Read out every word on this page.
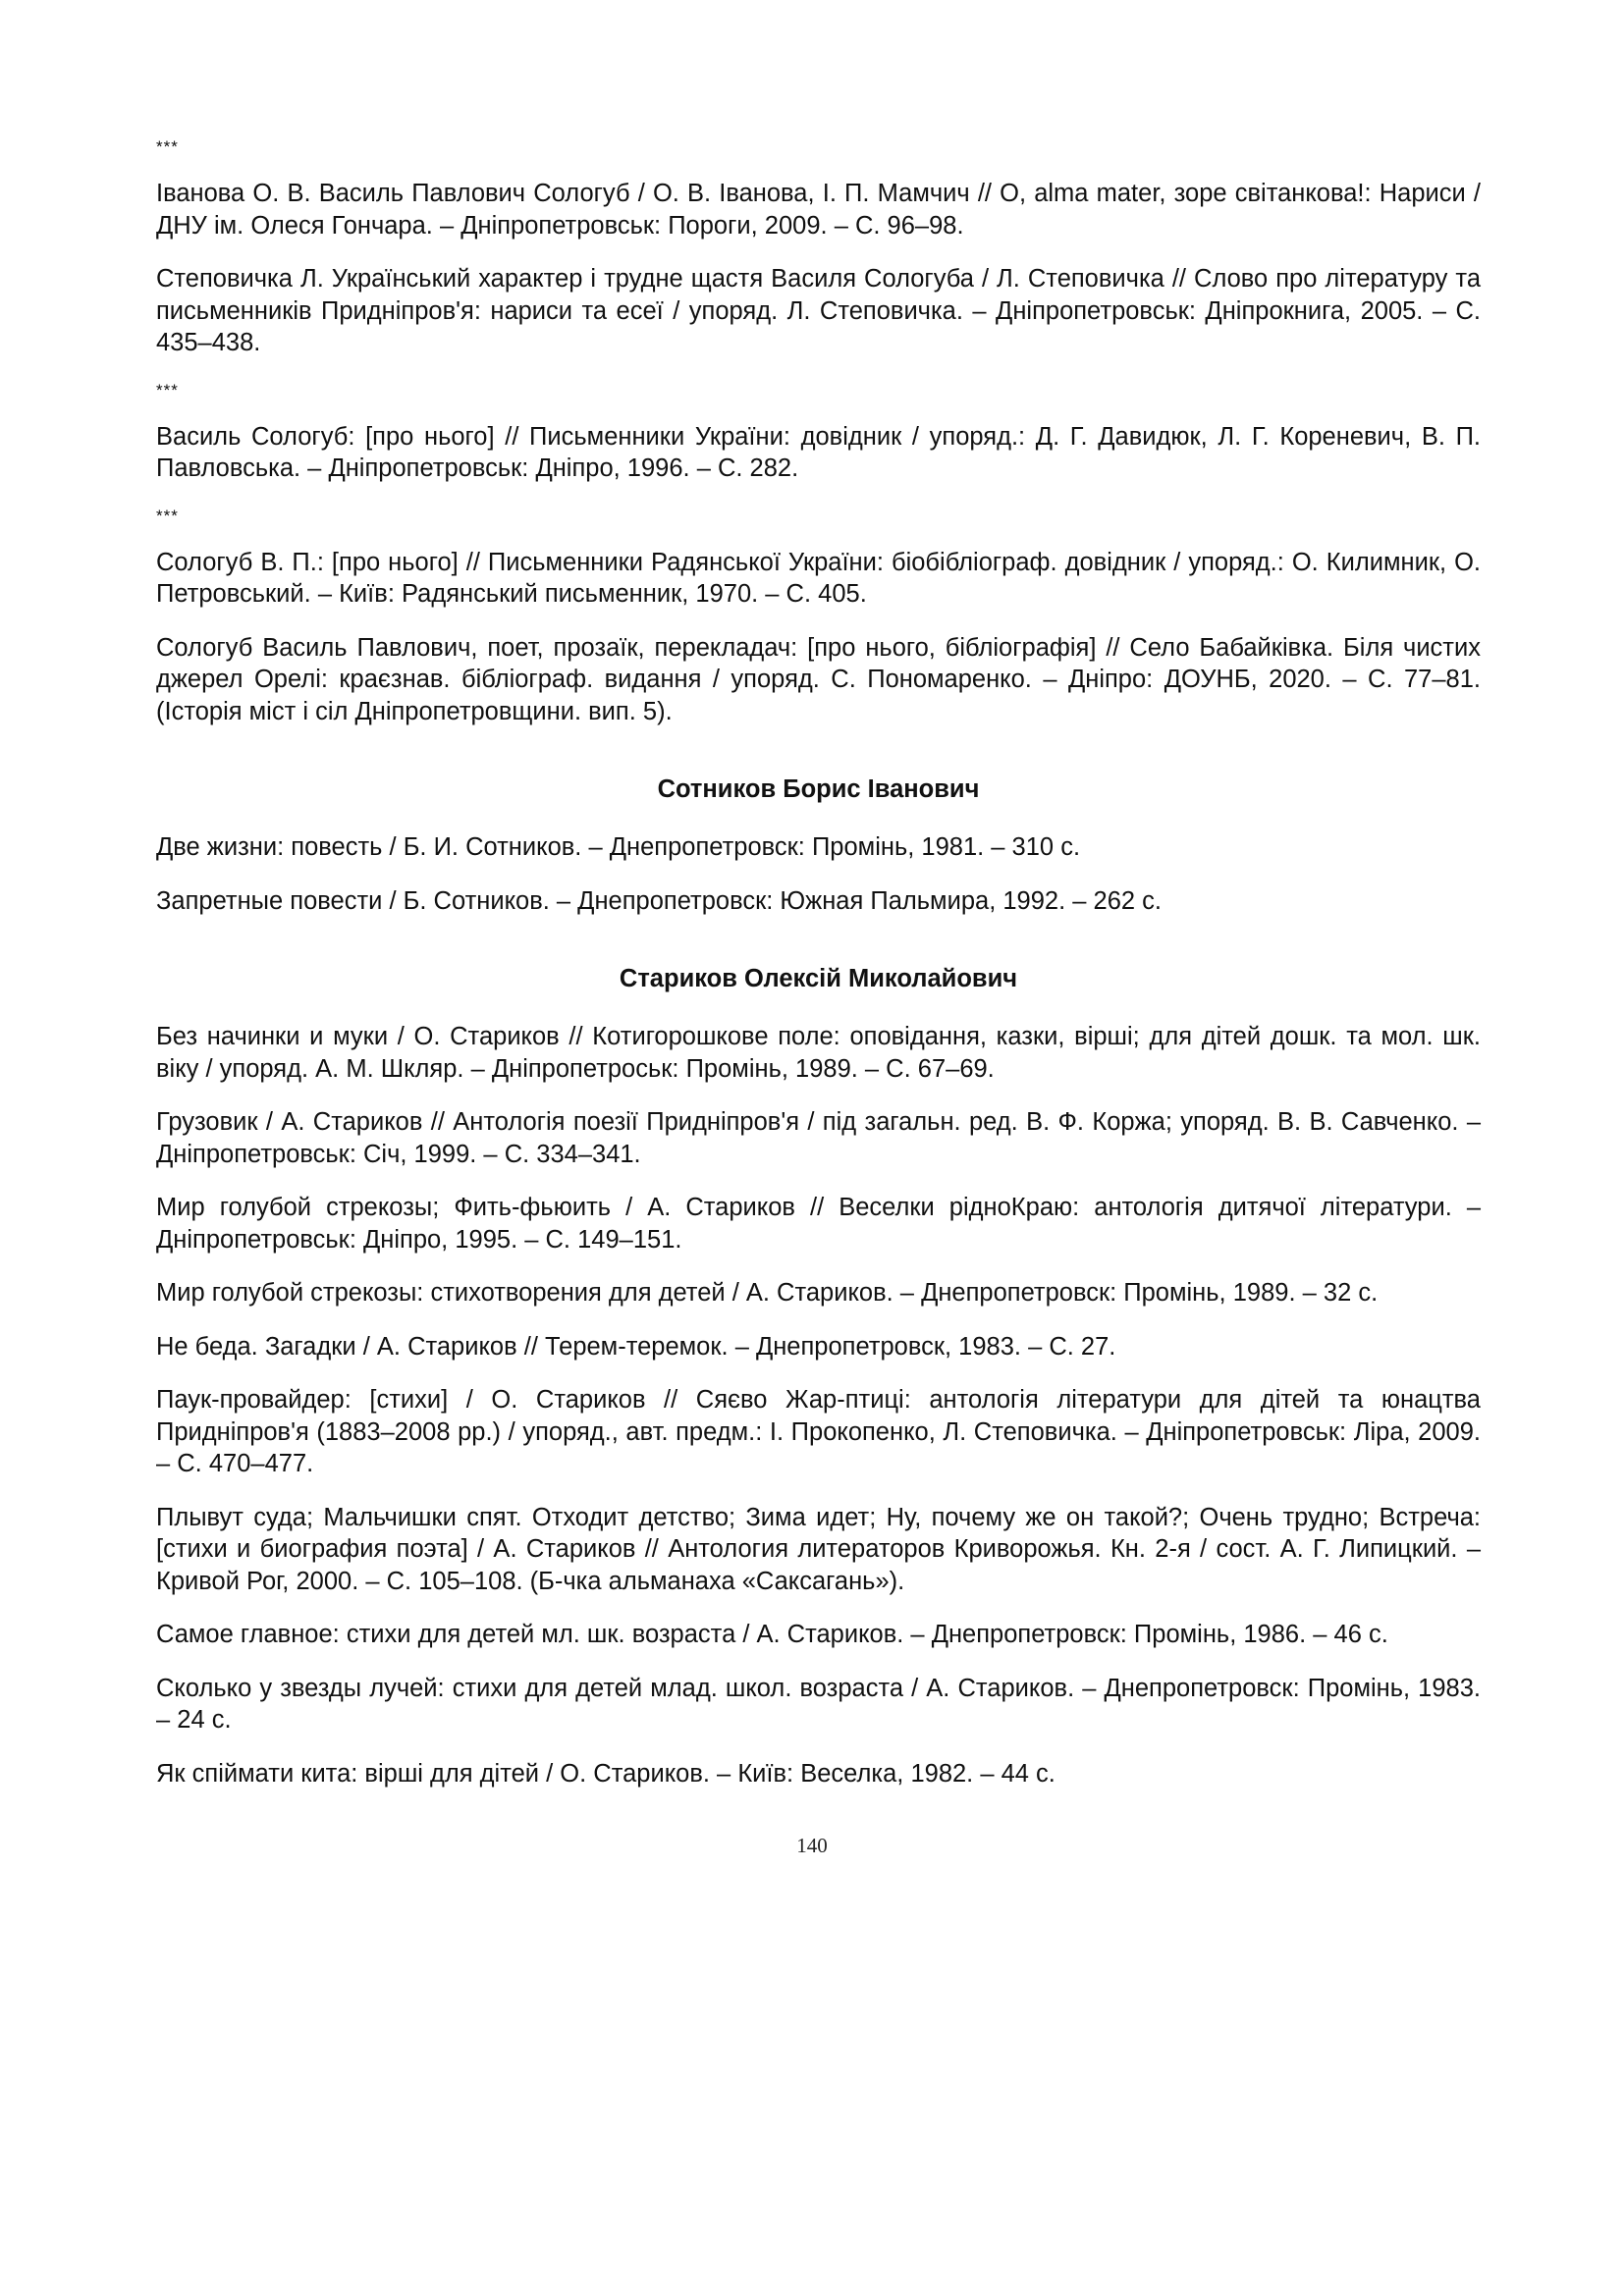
***

Іванова О. В. Василь Павлович Сологуб / О. В. Іванова, І. П. Мамчич // О, alma mater, зоре світанкова!: Нариси / ДНУ ім. Олеся Гончара. – Дніпропетровськ: Пороги, 2009. – С. 96–98.

Степовичка Л. Український характер і трудне щастя Василя Сологуба / Л. Степовичка // Слово про літературу та письменників Придніпров'я: нариси та есеї / упоряд. Л. Степовичка. – Дніпропетровськ: Дніпрокнига, 2005. – С. 435–438.

***

Василь Сологуб: [про нього] // Письменники України: довідник / упоряд.: Д. Г. Давидюк, Л. Г. Кореневич, В. П. Павловська. – Дніпропетровськ: Дніпро, 1996. – С. 282.

***

Сологуб В. П.: [про нього] // Письменники Радянської України: біобібліограф. довідник / упоряд.: О. Килимник, О. Петровський. – Київ: Радянський письменник, 1970. – С. 405.

Сологуб Василь Павлович, поет, прозаїк, перекладач: [про нього, бібліографія] // Село Бабайківка. Біля чистих джерел Орелі: краєзнав. бібліограф. видання / упоряд. С. Пономаренко. – Дніпро: ДОУНБ, 2020. – С. 77–81. (Історія міст і сіл Дніпропетровщини. вип. 5).

Сотников Борис Іванович

Две жизни: повесть / Б. И. Сотников. – Днепропетровск: Промінь, 1981. – 310 с.

Запретные повести / Б. Сотников. – Днепропетровск: Южная Пальмира, 1992. – 262 с.

Стариков Олексій Миколайович

Без начинки и муки / О. Стариков // Котигорошкове поле: оповідання, казки, вірші; для дітей дошк. та мол. шк. віку / упоряд. А. М. Шкляр. – Дніпропетроськ: Промінь, 1989. – С. 67–69.

Грузовик / А. Стариков // Антологія поезії Придніпров'я / під загальн. ред. В. Ф. Коржа; упоряд. В. В. Савченко. – Дніпропетровськ: Січ, 1999. – С. 334–341.

Мир голубой стрекозы; Фить-фьюить / А. Стариков // Веселки рідноКраю: антологія дитячої літератури. – Дніпропетровськ: Дніпро, 1995. – С. 149–151.

Мир голубой стрекозы: стихотворения для детей / А. Стариков. – Днепропетровск: Промінь, 1989. – 32 с.

Не беда. Загадки / А. Стариков // Терем-теремок. – Днепропетровск, 1983. – С. 27.

Паук-провайдер: [стихи] / О. Стариков // Сяєво Жар-птиці: антологія літератури для дітей та юнацтва Придніпров'я (1883–2008 рр.) / упоряд., авт. предм.: І. Прокопенко, Л. Степовичка. – Дніпропетровськ: Ліра, 2009. – С. 470–477.

Плывут суда; Мальчишки спят. Отходит детство; Зима идет; Ну, почему же он такой?; Очень трудно; Встреча: [стихи и биография поэта] / А. Стариков // Антология литераторов Криворожья. Кн. 2-я / сост. А. Г. Липицкий. – Кривой Рог, 2000. – С. 105–108. (Б-чка альманаха «Саксагань»).

Самое главное: стихи для детей мл. шк. возраста / А. Стариков. – Днепропетровск: Промінь, 1986. – 46 с.

Сколько у звезды лучей: стихи для детей млад. школ. возраста / А. Стариков. – Днепропетровск: Промінь, 1983. – 24 с.

Як спіймати кита: вірші для дітей / О. Стариков. – Київ: Веселка, 1982. – 44 с.

140
